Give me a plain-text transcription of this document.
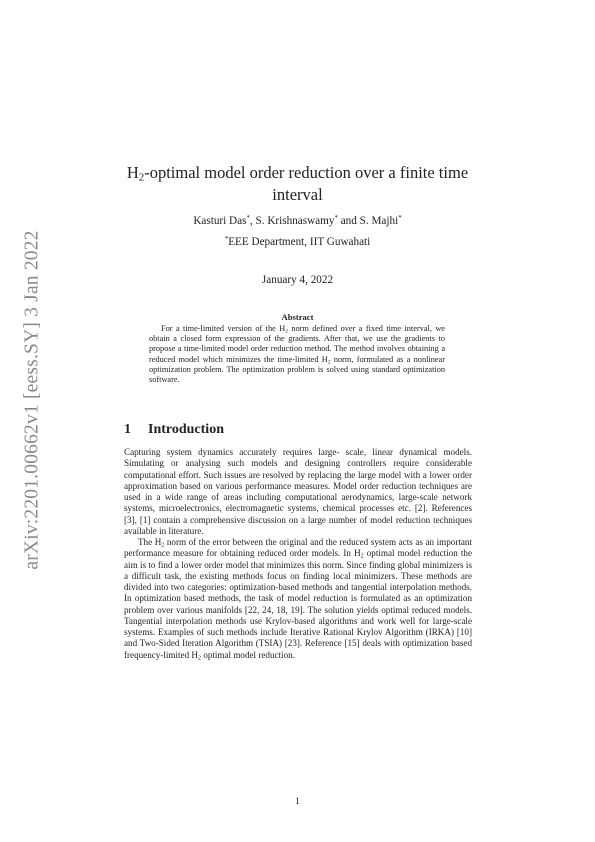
arXiv:2201.00662v1 [eess.SY] 3 Jan 2022
$H_2$-optimal model order reduction over a finite time interval
Kasturi Das*, S. Krishnaswamy* and S. Majhi*
*EEE Department, IIT Guwahati
January 4, 2022
Abstract
For a time-limited version of the $H_2$ norm defined over a fixed time interval, we obtain a closed form expression of the gradients. After that, we use the gradients to propose a time-limited model order reduction method. The method involves obtaining a reduced model which minimizes the time-limited $H_2$ norm, formulated as a nonlinear optimization problem. The optimization problem is solved using standard optimization software.
1 Introduction

Capturing system dynamics accurately requires large- scale, linear dynamical models. Simulating or analysing such models and designing controllers require considerable computational effort. Such issues are resolved by replacing the large model with a lower order approximation based on various performance measures. Model order reduction techniques are used in a wide range of areas including computational aerodynamics, large-scale network systems, microelectronics, electromagnetic systems, chemical processes etc. [2]. References [3], [1] contain a comprehensive discussion on a large number of model reduction techniques available in literature.

The $H_2$ norm of the error between the original and the reduced system acts as an important performance measure for obtaining reduced order models. In $H_2$ optimal model reduction the aim is to find a lower order model that minimizes this norm. Since finding global minimizers is a difficult task, the existing methods focus on finding local minimizers. These methods are divided into two categories: optimization-based methods and tangential interpolation methods. In optimization based methods, the task of model reduction is formulated as an optimization problem over various manifolds [22, 24, 18, 19]. The solution yields optimal reduced models. Tangential interpolation methods use Krylov-based algorithms and work well for large-scale systems. Examples of such methods include Iterative Rational Krylov Algorithm (IRKA) [10] and Two-Sided Iteration Algorithm (TSIA) [23]. Reference [15] deals with optimization based frequency-limited $H_2$ optimal model reduction.

1
